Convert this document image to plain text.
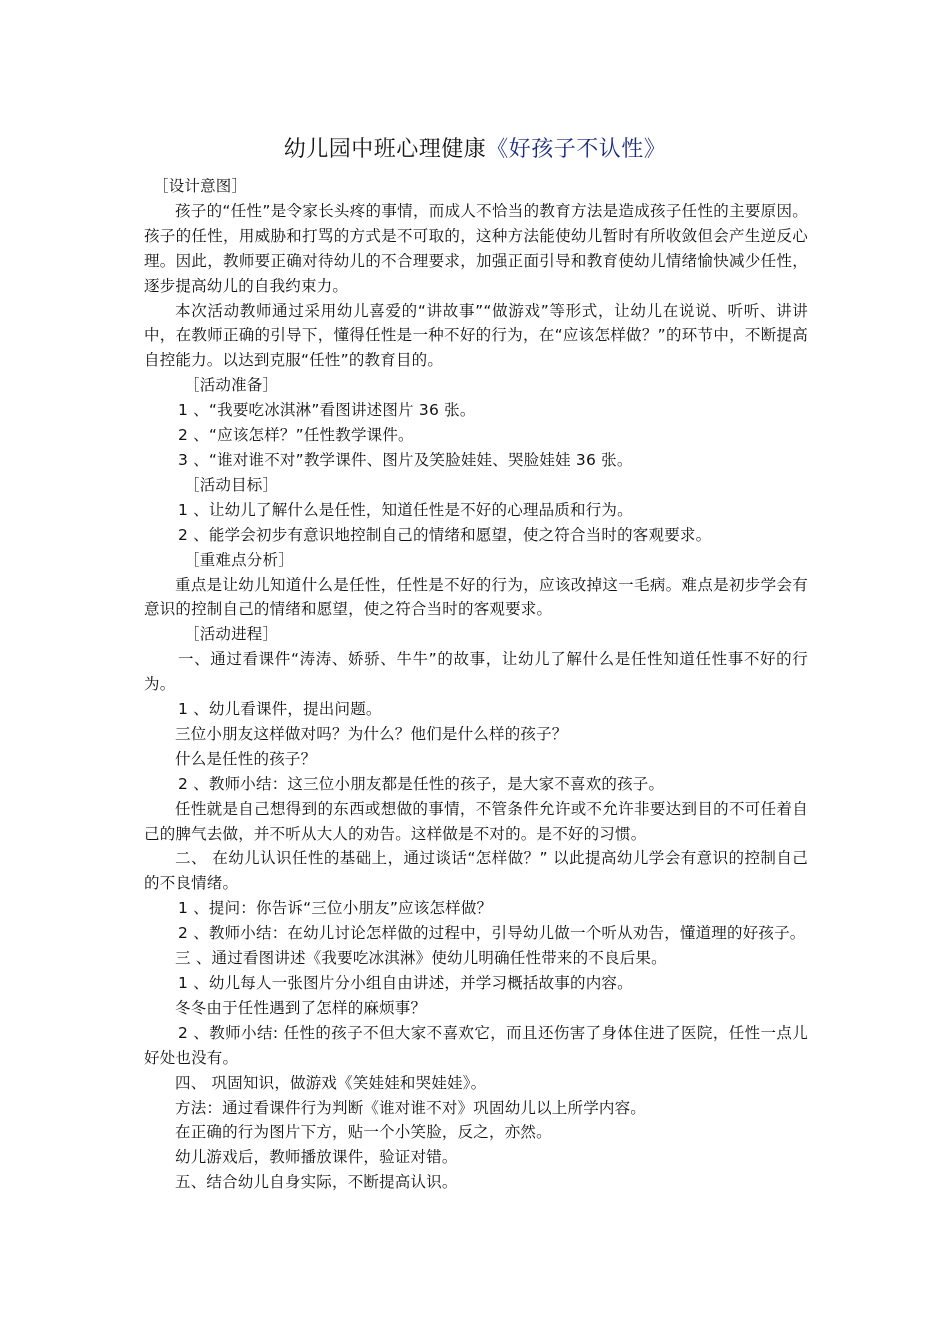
幼儿园中班心理健康《好孩子不认性》

［设计意图］

孩子的“任性”是令家长头疼的事情，而成人不恰当的教育方法是造成孩子任性的主要原因。孩子的任性，用威胁和打骂的方式是不可取的，这种方法能使幼儿暂时有所收敛但会产生逆反心理。因此，教师要正确对待幼儿的不合理要求，加强正面引导和教育使幼儿情绪愉快减少任性，逐步提高幼儿的自我约束力。

本次活动教师通过采用幼儿喜爱的“讲故事”“做游戏”等形式，让幼儿在说说、听听、讲讲中，在教师正确的引导下，懂得任性是一种不好的行为，在“应该怎样做？”的环节中，不断提高自控能力。以达到克服“任性”的教育目的。

［活动准备］

1 、“我要吃冰淇淋”看图讲述图片 36 张。

2 、“应该怎样？”任性教学课件。

3 、“谁对谁不对”教学课件、图片及笑脸娃娃、哭脸娃娃 36 张。

［活动目标］

1 、让幼儿了解什么是任性，知道任性是不好的心理品质和行为。

2 、能学会初步有意识地控制自己的情绪和愿望，使之符合当时的客观要求。

［重难点分析］

重点是让幼儿知道什么是任性，任性是不好的行为，应该改掉这一毛病。难点是初步学会有意识的控制自己的情绪和愿望，使之符合当时的客观要求。

［活动进程］

一、通过看课件“涛涛、娇骄、牛牛”的故事，让幼儿了解什么是任性知道任性事不好的行为。

1 、幼儿看课件，提出问题。

三位小朋友这样做对吗？为什么？他们是什么样的孩子？

什么是任性的孩子？

2 、教师小结：这三位小朋友都是任性的孩子，是大家不喜欢的孩子。

任性就是自己想得到的东西或想做的事情，不管条件允许或不允许非要达到目的不可任着自己的脾气去做，并不听从大人的劝告。这样做是不对的。是不好的习惯。

二、 在幼儿认识任性的基础上，通过谈话“怎样做？” 以此提高幼儿学会有意识的控制自己的不良情绪。

1 、提问：你告诉“三位小朋友”应该怎样做？

2 、教师小结：在幼儿讨论怎样做的过程中，引导幼儿做一个听从劝告，懂道理的好孩子。

三 、通过看图讲述《我要吃冰淇淋》使幼儿明确任性带来的不良后果。

1 、幼儿每人一张图片分小组自由讲述，并学习概括故事的内容。

冬冬由于任性遇到了怎样的麻烦事？

2 、教师小结: 任性的孩子不但大家不喜欢它，而且还伤害了身体住进了医院，任性一点儿好处也没有。

四、 巩固知识，做游戏《笑娃娃和哭娃娃》。

方法：通过看课件行为判断《谁对谁不对》巩固幼儿以上所学内容。

在正确的行为图片下方，贴一个小笑脸，反之，亦然。

幼儿游戏后，教师播放课件，验证对错。

五、结合幼儿自身实际，不断提高认识。
